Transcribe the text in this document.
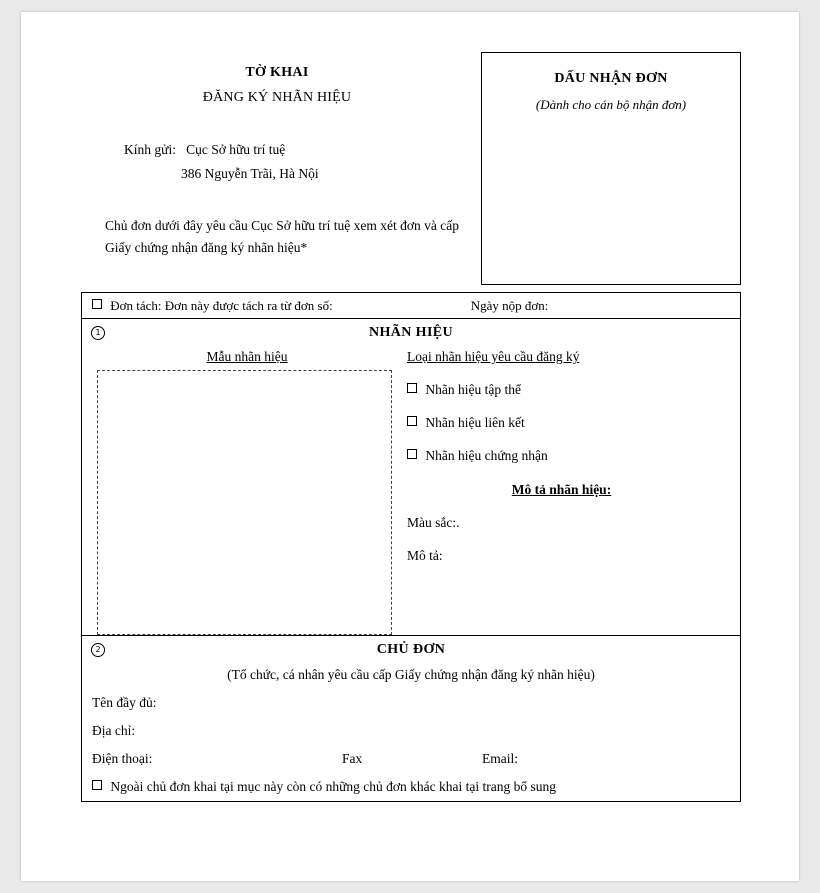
TỜ KHAI
ĐĂNG KÝ NHÃN HIỆU
Kính gửi: Cục Sở hữu trí tuệ
386 Nguyễn Trãi, Hà Nội
Chủ đơn dưới đây yêu cầu Cục Sở hữu trí tuệ xem xét đơn và cấp Giấy chứng nhận đăng ký nhãn hiệu*
DẤU NHẬN ĐƠN
(Dành cho cán bộ nhận đơn)
Đơn tách: Đơn này được tách ra từ đơn số:	Ngày nộp đơn:
1	NHÃN HIỆU
Mẫu nhãn hiệu	Loại nhãn hiệu yêu cầu đăng ký
Nhãn hiệu tập thể
Nhãn hiệu liên kết
Nhãn hiệu chứng nhận
Mô tả nhãn hiệu:
Màu sắc:.
Mô tả:
2	CHỦ ĐƠN
(Tổ chức, cá nhân yêu cầu cấp Giấy chứng nhận đăng ký nhãn hiệu)
Tên đầy đủ:
Địa chỉ:
Điện thoại:	Fax	Email:
Ngoài chủ đơn khai tại mục này còn có những chủ đơn khác khai tại trang bổ sung
